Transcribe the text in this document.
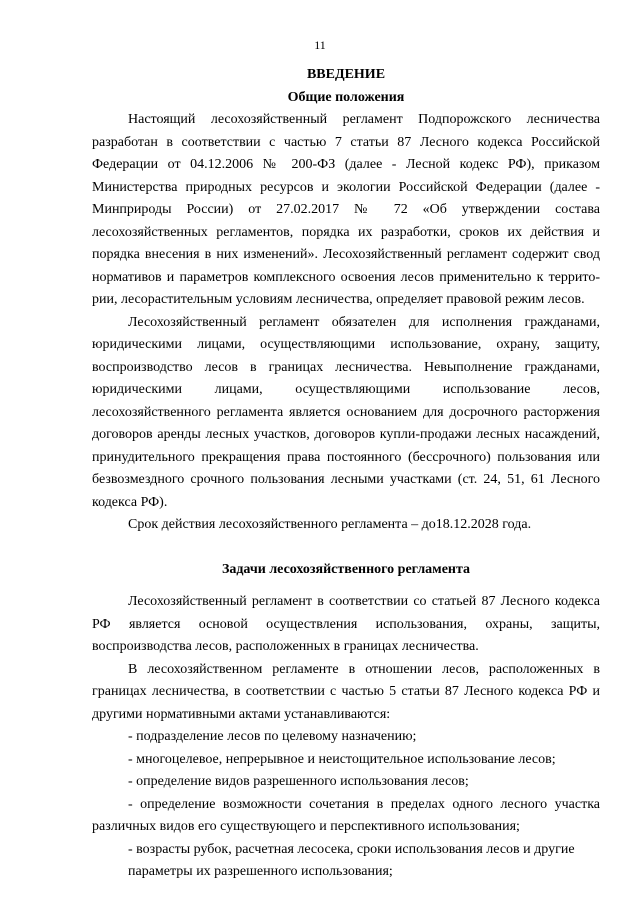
11

ВВЕДЕНИЕ

Общие положения

Настоящий лесохозяйственный регламент Подпорожского лесничества разработан в соответствии с частью 7 статьи 87 Лесного кодекса Российской Федерации от 04.12.2006 № 200-ФЗ (далее - Лесной кодекс РФ), приказом Министерства природных ресурсов и экологии Российской Федерации (далее - Минприроды России) от 27.02.2017 № 72 «Об утверждении состава лесохозяйственных регламентов, порядка их разработки, сроков их действия и порядка внесения в них изменений». Лесохозяйственный регламент содержит свод нормативов и параметров комплексного освоения лесов применительно к территории, лесорастительным условиям лесничества, определяет правовой режим лесов.

Лесохозяйственный регламент обязателен для исполнения гражданами, юридическими лицами, осуществляющими использование, охрану, защиту, воспроизводство лесов в границах лесничества. Невыполнение гражданами, юридическими лицами, осуществляющими использование лесов, лесохозяйственного регламента является основанием для досрочного расторжения договоров аренды лесных участков, договоров купли-продажи лесных насаждений, принудительного прекращения права постоянного (бессрочного) пользования или безвозмездного срочного пользования лесными участками (ст. 24, 51, 61 Лесного кодекса РФ).

Срок действия лесохозяйственного регламента – до18.12.2028 года.

Задачи лесохозяйственного регламента

Лесохозяйственный регламент в соответствии со статьей 87 Лесного кодекса РФ является основой осуществления использования, охраны, защиты, воспроизводства лесов, расположенных в границах лесничества.

В лесохозяйственном регламенте в отношении лесов, расположенных в границах лесничества, в соответствии с частью 5 статьи 87 Лесного кодекса РФ и другими нормативными актами устанавливаются:

- подразделение лесов по целевому назначению;

- многоцелевое, непрерывное и неистощительное использование лесов;

- определение видов разрешенного использования лесов;

- определение возможности сочетания в пределах одного лесного участка различных видов его существующего и перспективного использования;

- возрасты рубок, расчетная лесосека, сроки использования лесов и другие

параметры их разрешенного использования;
